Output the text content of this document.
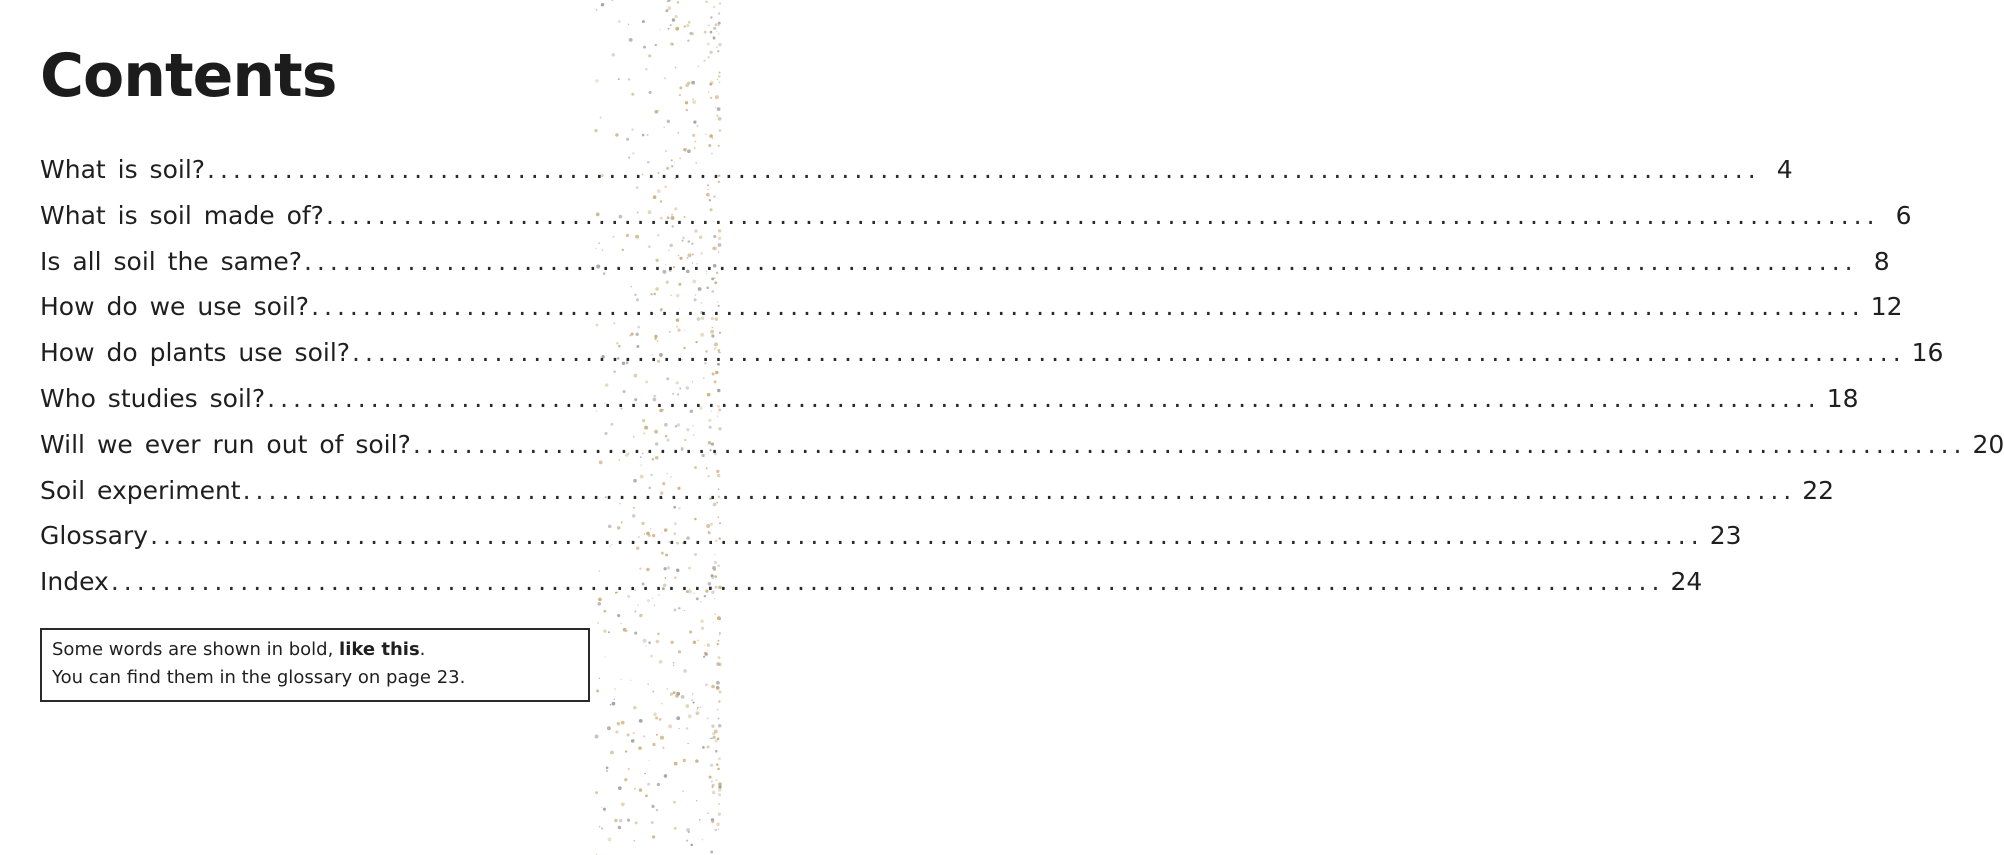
Contents
What is soil? ........................................................................................................................ 4
What is soil made of? ........................................................................................................................ 6
Is all soil the same? ........................................................................................................................ 8
How do we use soil? ........................................................................................................................ 12
How do plants use soil? ........................................................................................................................ 16
Who studies soil? ........................................................................................................................ 18
Will we ever run out of soil? ........................................................................................................................ 20
Soil experiment ........................................................................................................................ 22
Glossary ........................................................................................................................ 23
Index ........................................................................................................................ 24
Some words are shown in bold, like this.
You can find them in the glossary on page 23.
